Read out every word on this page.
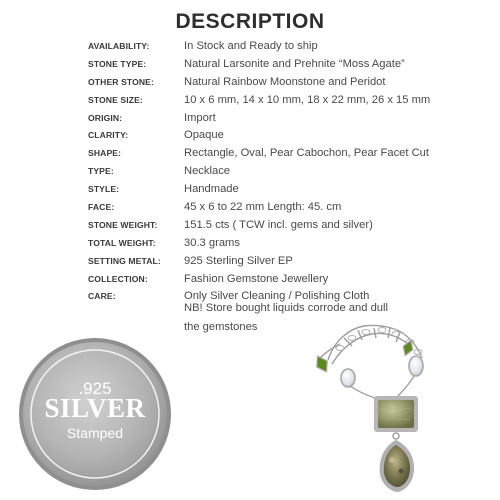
DESCRIPTION
AVAILABILITY:	In Stock and Ready to ship
STONE TYPE:	Natural Larsonite and Prehnite “Moss Agate”
OTHER STONE:	Natural Rainbow Moonstone and Peridot
STONE SIZE:	10 x 6 mm, 14 x 10 mm, 18 x 22 mm, 26 x 15 mm
ORIGIN:	Import
CLARITY:	Opaque
SHAPE:	Rectangle, Oval, Pear Cabochon, Pear Facet Cut
TYPE:	Necklace
STYLE:	Handmade
FACE:	45 x 6 to 22 mm Length: 45. cm
STONE WEIGHT:	151.5 cts ( TCW incl. gems and silver)
TOTAL WEIGHT:	30.3 grams
SETTING METAL:	925 Sterling Silver EP
COLLECTION:	Fashion Gemstone Jewellery
CARE:	Only Silver Cleaning / Polishing Cloth
NB! Store bought liquids corrode and dull
the gemstones
.925
SILVER
Stamped
